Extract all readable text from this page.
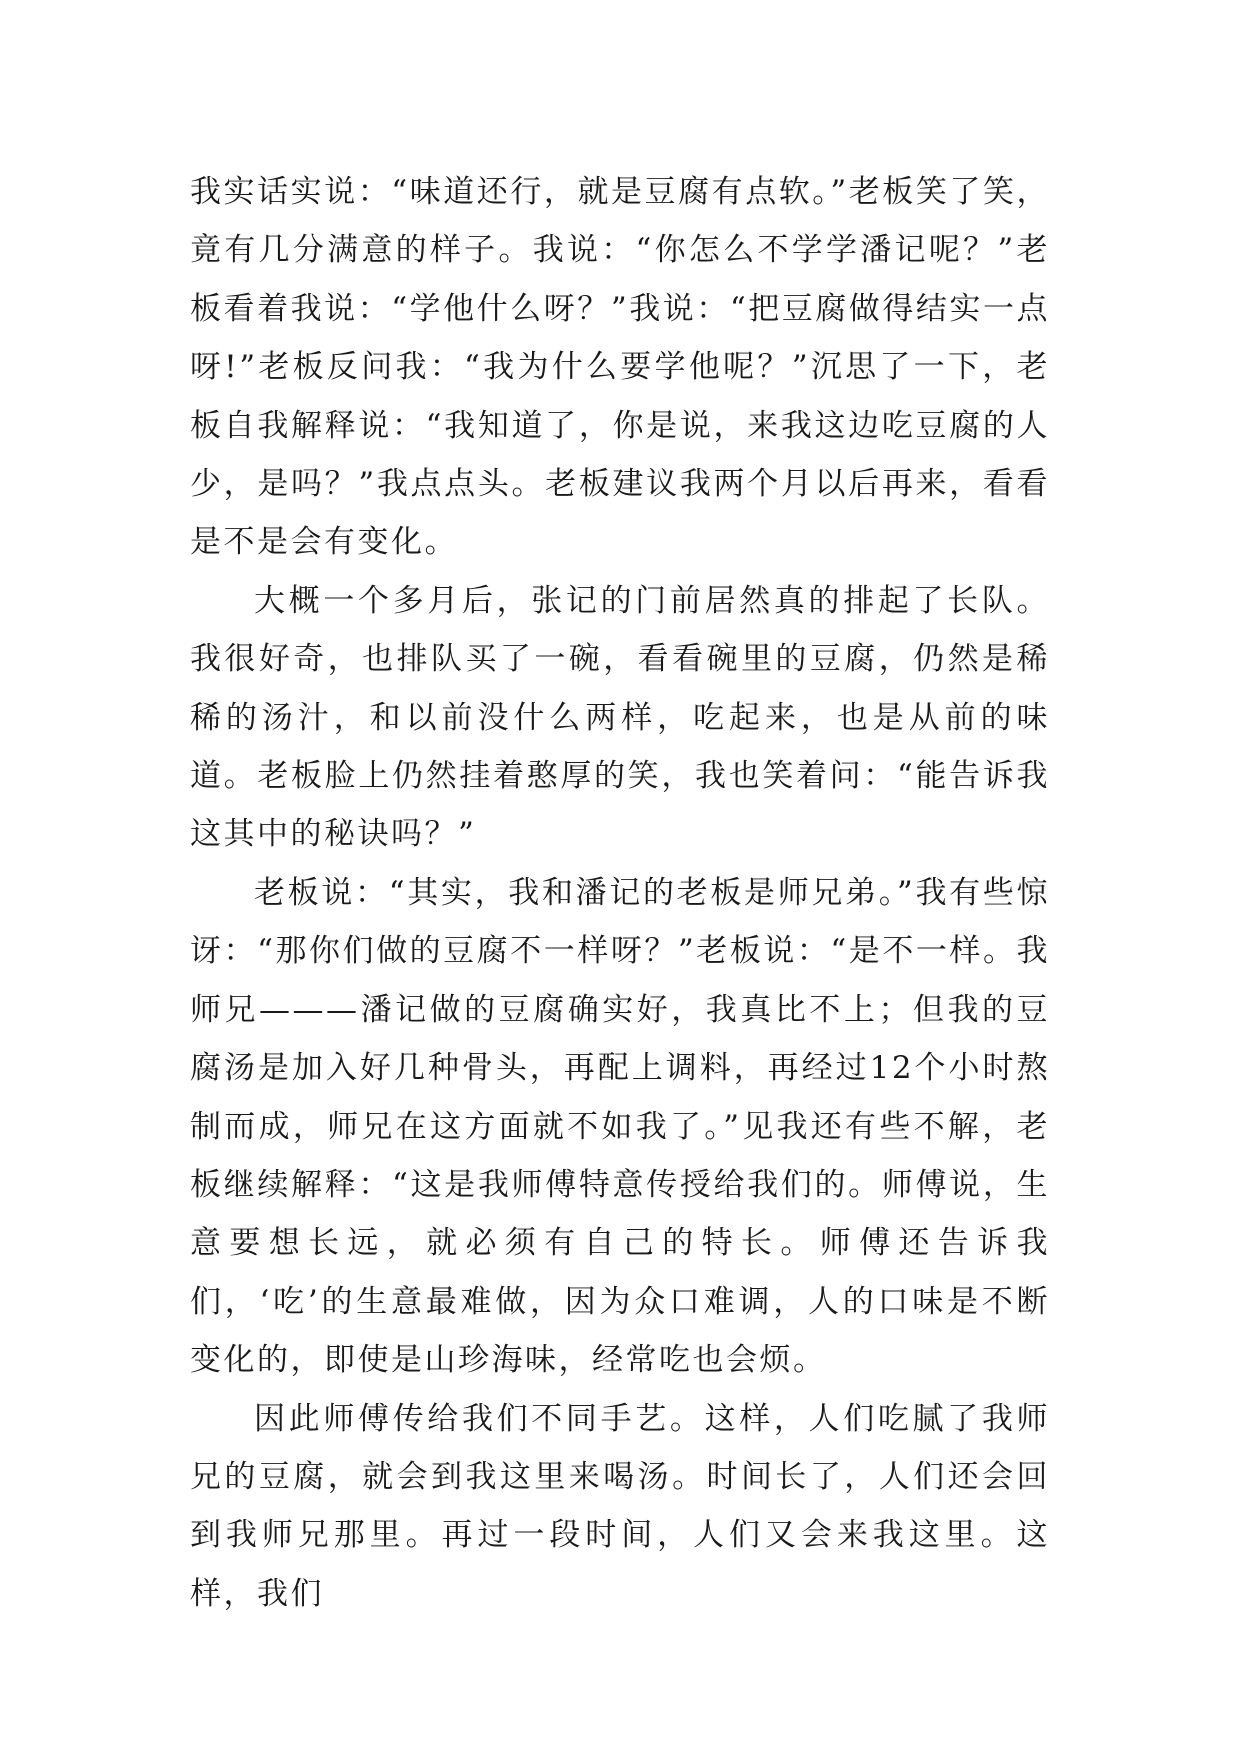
我实话实说：“味道还行，就是豆腐有点软。”老板笑了笑，竟有几分满意的样子。我说：“你怎么不学学潘记呢？”老板看着我说：“学他什么呀？”我说：“把豆腐做得结实一点呀!”老板反问我：“我为什么要学他呢？”沉思了一下，老板自我解释说：“我知道了，你是说，来我这边吃豆腐的人少，是吗？”我点点头。老板建议我两个月以后再来，看看是不是会有变化。

大概一个多月后，张记的门前居然真的排起了长队。我很好奇，也排队买了一碗，看看碗里的豆腐，仍然是稀稀的汤汁，和以前没什么两样，吃起来，也是从前的味道。老板脸上仍然挂着憨厚的笑，我也笑着问：“能告诉我这其中的秘诀吗？”

老板说：“其实，我和潘记的老板是师兄弟。”我有些惊讶：“那你们做的豆腐不一样呀？”老板说：“是不一样。我师兄———潘记做的豆腐确实好，我真比不上；但我的豆腐汤是加入好几种骨头，再配上调料，再经过12个小时熬制而成，师兄在这方面就不如我了。”见我还有些不解，老板继续解释：“这是我师傅特意传授给我们的。师傅说，生意要想长远，就必须有自己的特长。师傅还告诉我们，‘吃’的生意最难做，因为众口难调，人的口味是不断变化的，即使是山珍海味，经常吃也会烦。

因此师傅传给我们不同手艺。这样，人们吃腻了我师兄的豆腐，就会到我这里来喝汤。时间长了，人们还会回到我师兄那里。再过一段时间，人们又会来我这里。这样，我们
